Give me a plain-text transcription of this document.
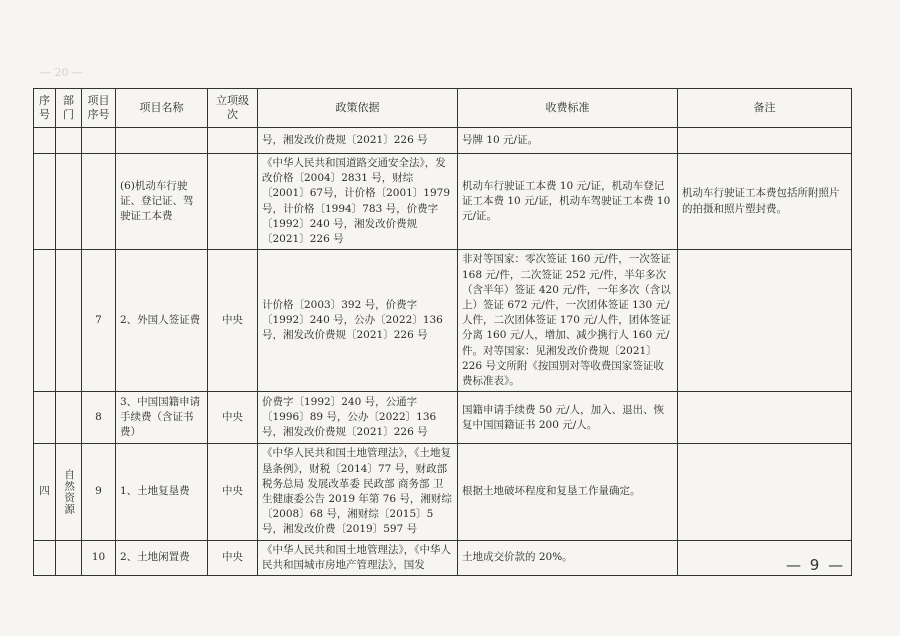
— 20 —
序号	部门	项目序号	项目名称	立项级次	政策依据	收费标准	备注
					号，湘发改价费规〔2021〕226 号	号牌 10 元/证。	
			(6)机动车行驶证、登记证、驾驶证工本费		《中华人民共和国道路交通安全法》，发改价格〔2004〕2831 号，财综〔2001〕67号，计价格〔2001〕1979 号，计价格〔1994〕783 号，价费字〔1992〕240 号，湘发改价费规〔2021〕226 号	机动车行驶证工本费 10 元/证，机动车登记证工本费 10 元/证，机动车驾驶证工本费 10 元/证。	机动车行驶证工本费包括所附照片的拍摄和照片塑封费。
		7	2、外国人签证费	中央	计价格〔2003〕392 号，价费字〔1992〕240 号，公办〔2022〕136 号，湘发改价费规〔2021〕226 号	非对等国家：零次签证 160 元/件，一次签证 168 元/件，二次签证 252 元/件，半年多次（含半年）签证 420 元/件，一年多次（含以上）签证 672 元/件，一次团体签证 130 元/人件，二次团体签证 170 元/人件，团体签证分离 160 元/人，增加、减少携行人 160 元/件。对等国家：见湘发改价费规〔2021〕226 号文所附《按国别对等收费国家签证收费标准表》。	
		8	3、中国国籍申请手续费（含证书费）	中央	价费字〔1992〕240 号，公通字〔1996〕89 号，公办〔2022〕136 号，湘发改价费规〔2021〕226 号	国籍申请手续费 50 元/人，加入、退出、恢复中国国籍证书 200 元/人。	
四	自然资源	9	1、土地复垦费	中央	《中华人民共和国土地管理法》，《土地复垦条例》，财税〔2014〕77 号，财政部 税务总局 发展改革委 民政部 商务部 卫生健康委公告 2019 年第 76 号，湘财综〔2008〕68 号，湘财综〔2015〕5 号，湘发改价费〔2019〕597 号	根据土地破坏程度和复垦工作量确定。	
		10	2、土地闲置费	中央	《中华人民共和国土地管理法》，《中华人民共和国城市房地产管理法》，国发	土地成交价款的 20%。		— 9 —
